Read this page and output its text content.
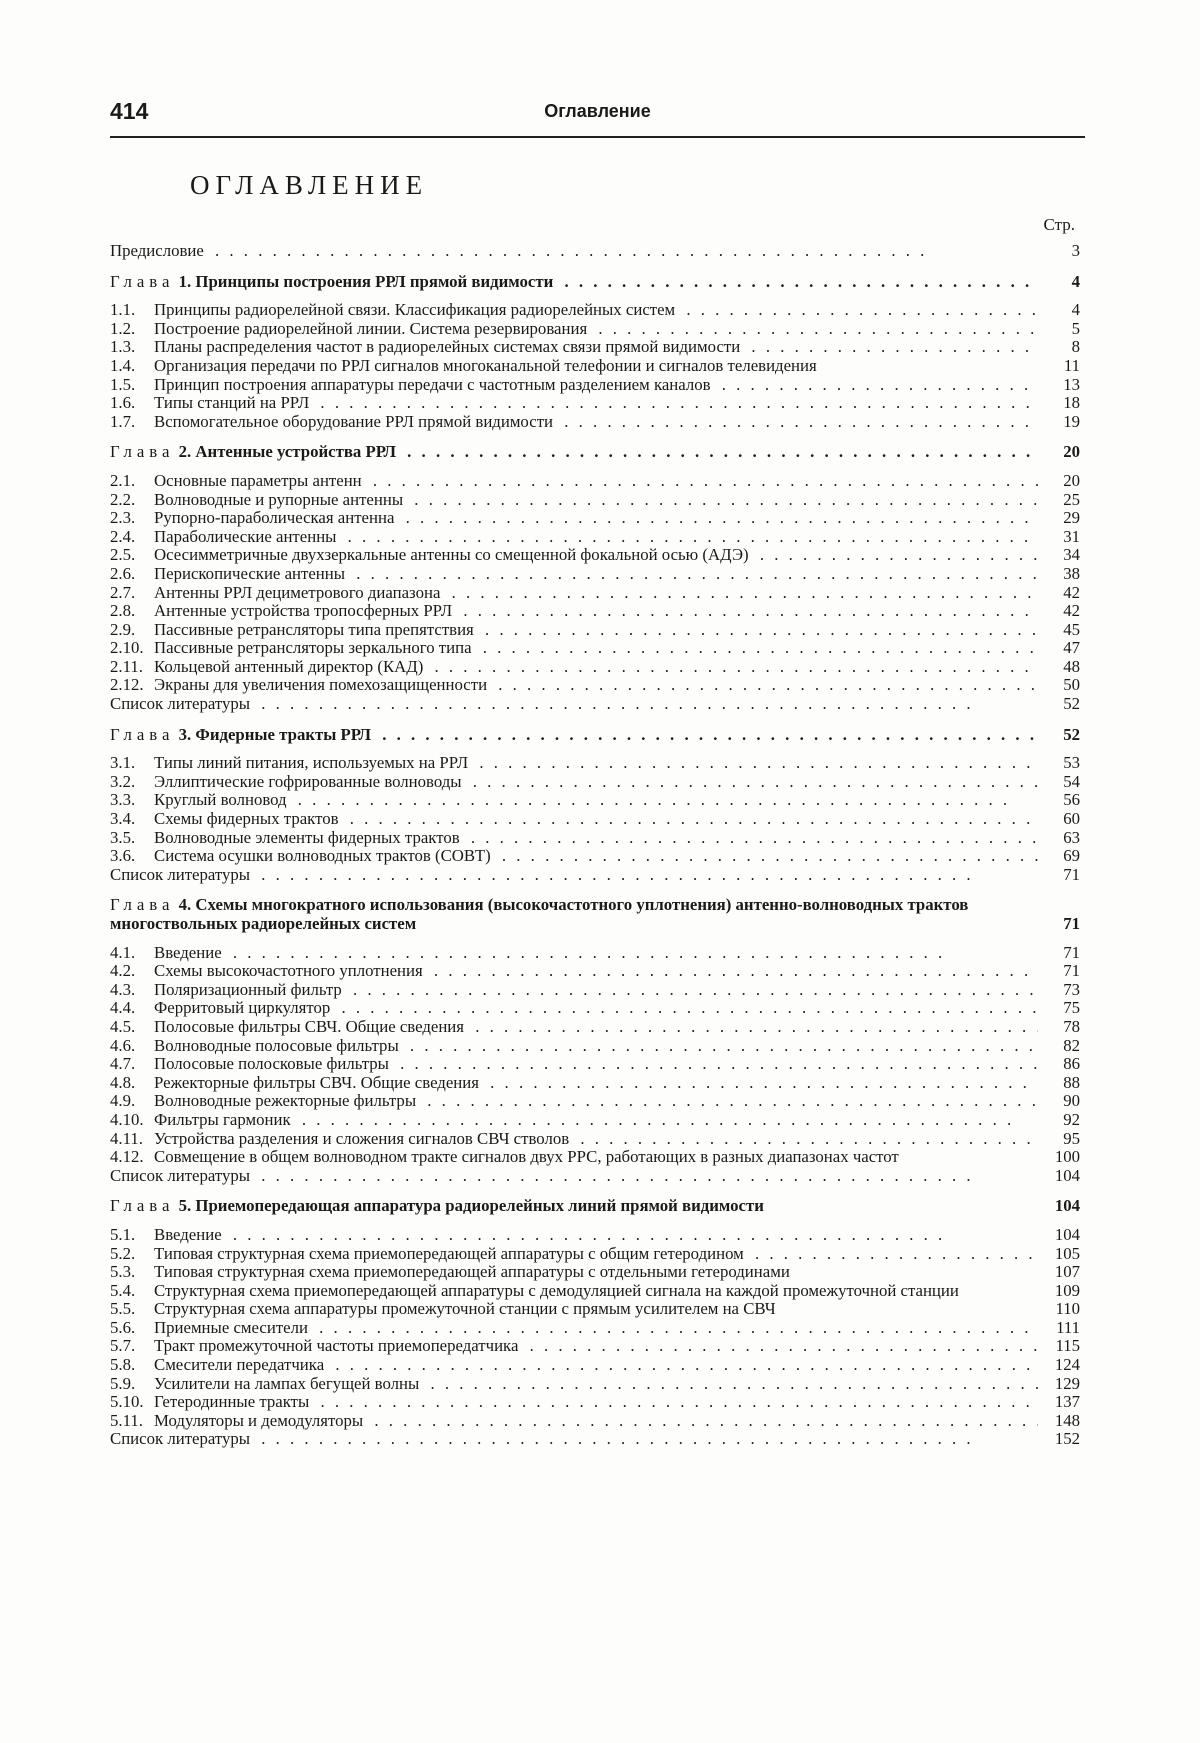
414	Оглавление
ОГЛАВЛЕНИЕ
Стр.
Предисловие . .	3
Глава 1. Принципы построения РРЛ прямой видимости . .	4
1.1.	Принципы радиорелейной связи. Классификация радиорелейных систем . .	4
1.2.	Построение радиорелейной линии. Система резервирования . .	5
1.3.	Планы распределения частот в радиорелейных системах связи прямой видимости . .	8
1.4.	Организация передачи по РРЛ сигналов многоканальной телефонии и сигналов телевидения	11
1.5.	Принцип построения аппаратуры передачи с частотным разделением каналов . .	13
1.6.	Типы станций на РРЛ . .	18
1.7.	Вспомогательное оборудование РРЛ прямой видимости . .	19
Глава 2. Антенные устройства РРЛ . .	20
2.1.	Основные параметры антенн . .	20
2.2.	Волноводные и рупорные антенны . .	25
2.3.	Рупорно-параболическая антенна . .	29
2.4.	Параболические антенны . .	31
2.5.	Осесимметричные двухзеркальные антенны со смещенной фокальной осью (АДЭ) . .	34
2.6.	Перископические антенны . .	38
2.7.	Антенны РРЛ дециметрового диапазона . .	42
2.8.	Антенные устройства тропосферных РРЛ . .	42
2.9.	Пассивные ретрансляторы типа препятствия . .	45
2.10. Пассивные ретрансляторы зеркального типа . .	47
2.11. Кольцевой антенный директор (КАД) . .	48
2.12. Экраны для увеличения помехозащищенности . .	50
Список литературы . .	52
Глава 3. Фидерные тракты РРЛ . .	52
3.1.	Типы линий питания, используемых на РРЛ . .	53
3.2.	Эллиптические гофрированные волноводы . .	54
3.3.	Круглый волновод . .	56
3.4.	Схемы фидерных трактов . .	60
3.5.	Волноводные элементы фидерных трактов . .	63
3.6.	Система осушки волноводных трактов (СОВТ) . .	69
Список литературы . .	71
Глава 4. Схемы многократного использования (высокочастотного уплотнения) антенно-волноводных трактов многоствольных радиорелейных систем	71
4.1.	Введение . .	71
4.2.	Схемы высокочастотного уплотнения . .	71
4.3.	Поляризационный фильтр . .	73
4.4.	Ферритовый циркулятор . .	75
4.5.	Полосовые фильтры СВЧ. Общие сведения . .	78
4.6.	Волноводные полосовые фильтры . .	82
4.7.	Полосовые полосковые фильтры . .	86
4.8.	Режекторные фильтры СВЧ. Общие сведения . .	88
4.9.	Волноводные режекторные фильтры . .	90
4.10. Фильтры гармоник . .	92
4.11. Устройства разделения и сложения сигналов СВЧ стволов . .	95
4.12. Совмещение в общем волноводном тракте сигналов двух РРС, работающих в разных диапазонах частот	100
Список литературы . .	104
Глава 5. Приемопередающая аппаратура радиорелейных линий прямой видимости	104
5.1.	Введение . .	104
5.2.	Типовая структурная схема приемопередающей аппаратуры с общим гетеродином . .	105
5.3.	Типовая структурная схема приемопередающей аппаратуры с отдельными гетеродинами	107
5.4.	Структурная схема приемопередающей аппаратуры с демодуляцией сигнала на каждой промежуточной станции	109
5.5.	Структурная схема аппаратуры промежуточной станции с прямым усилителем на СВЧ	110
5.6.	Приемные смесители . .	111
5.7.	Тракт промежуточной частоты приемопередатчика . .	115
5.8.	Смесители передатчика . .	124
5.9.	Усилители на лампах бегущей волны . .	129
5.10. Гетеродинные тракты . .	137
5.11. Модуляторы и демодуляторы . .	148
Список литературы . .	152
